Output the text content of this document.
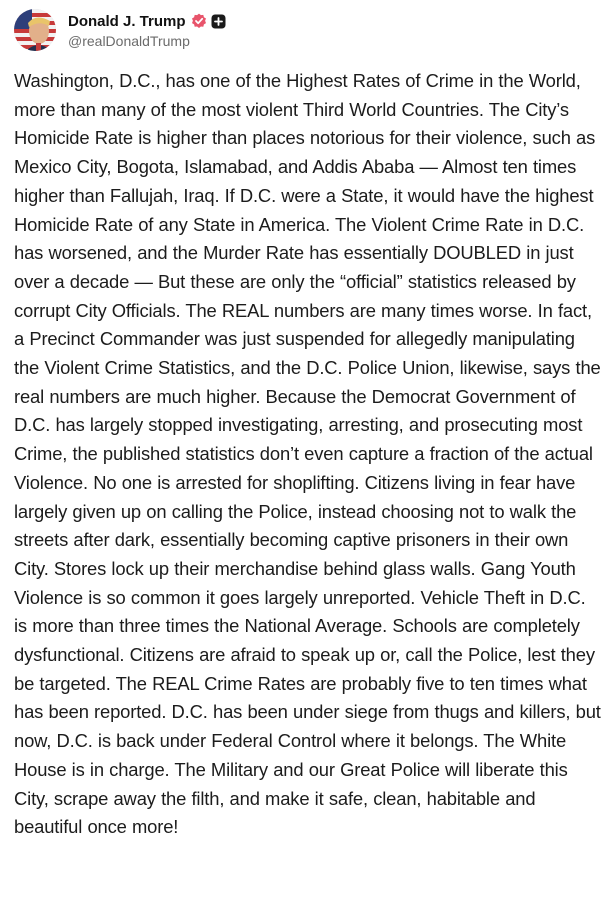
Donald J. Trump
@realDonaldTrump
Washington, D.C., has one of the Highest Rates of Crime in the World, more than many of the most violent Third World Countries. The City’s Homicide Rate is higher than places notorious for their violence, such as Mexico City, Bogota, Islamabad, and Addis Ababa — Almost ten times higher than Fallujah, Iraq. If D.C. were a State, it would have the highest Homicide Rate of any State in America. The Violent Crime Rate in D.C. has worsened, and the Murder Rate has essentially DOUBLED in just over a decade — But these are only the “official” statistics released by corrupt City Officials. The REAL numbers are many times worse. In fact, a Precinct Commander was just suspended for allegedly manipulating the Violent Crime Statistics, and the D.C. Police Union, likewise, says the real numbers are much higher. Because the Democrat Government of D.C. has largely stopped investigating, arresting, and prosecuting most Crime, the published statistics don’t even capture a fraction of the actual Violence. No one is arrested for shoplifting. Citizens living in fear have largely given up on calling the Police, instead choosing not to walk the streets after dark, essentially becoming captive prisoners in their own City. Stores lock up their merchandise behind glass walls. Gang Youth Violence is so common it goes largely unreported. Vehicle Theft in D.C. is more than three times the National Average. Schools are completely dysfunctional. Citizens are afraid to speak up or, call the Police, lest they be targeted. The REAL Crime Rates are probably five to ten times what has been reported. D.C. has been under siege from thugs and killers, but now, D.C. is back under Federal Control where it belongs. The White House is in charge. The Military and our Great Police will liberate this City, scrape away the filth, and make it safe, clean, habitable and beautiful once more!
